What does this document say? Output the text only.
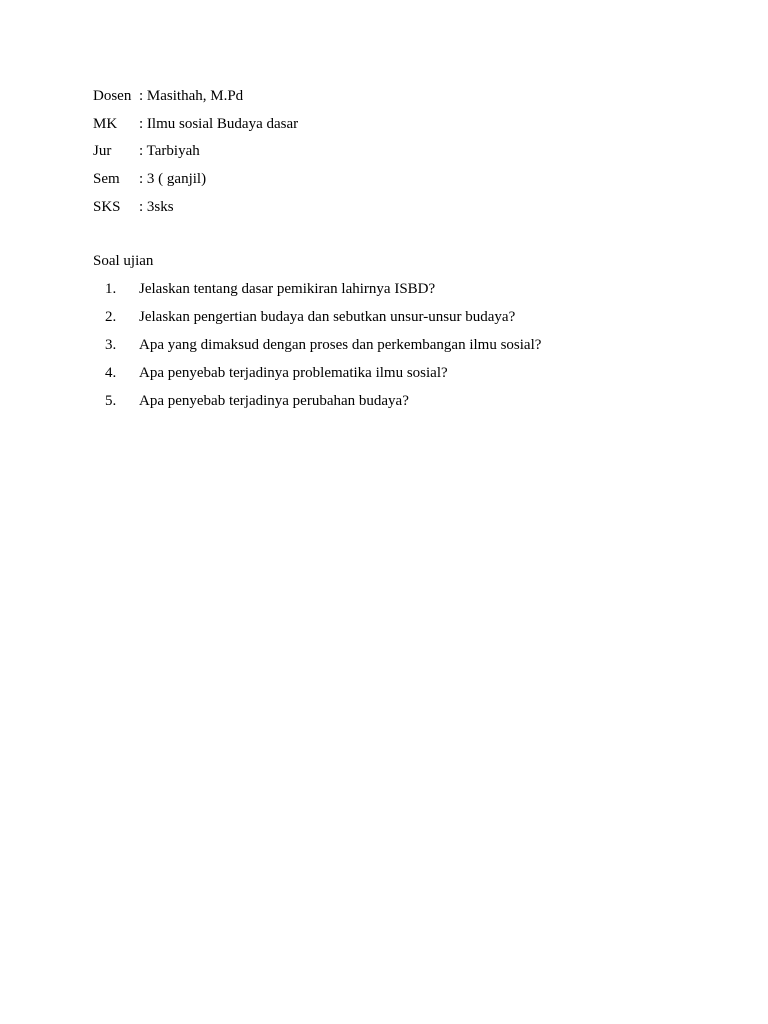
Dosen : Masithah, M.Pd
MK	: Ilmu sosial Budaya dasar
Jur	: Tarbiyah
Sem	: 3 ( ganjil)
SKS	: 3sks
Soal ujian
1.	Jelaskan tentang dasar pemikiran lahirnya ISBD?
2.	Jelaskan pengertian budaya dan sebutkan unsur-unsur budaya?
3.	Apa yang dimaksud dengan proses dan perkembangan ilmu sosial?
4.	Apa penyebab terjadinya problematika ilmu sosial?
5.	Apa penyebab terjadinya perubahan budaya?
